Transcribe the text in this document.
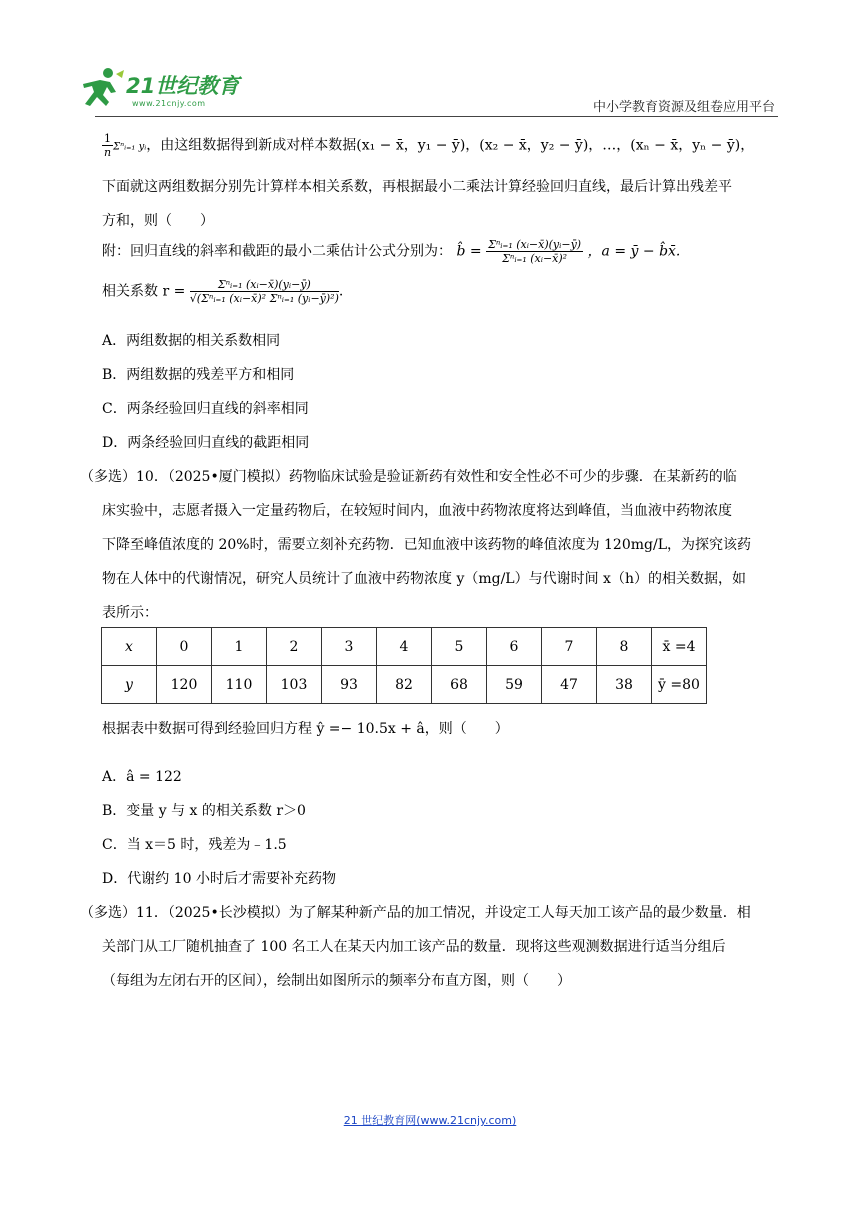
21世纪教育
www.21cnjy.com	中小学教育资源及组卷应用平台
$\frac{1}{n}$ Σⁿᵢ₌₁ yᵢ，由这组数据得到新成对样本数据(x₁ − x̄，y₁ − ȳ)，(x₂ − x̄，y₂ − ȳ)，…，(xₙ − x̄，yₙ − ȳ)，
下面就这两组数据分别先计算样本相关系数，再根据最小二乘法计算经验回归直线，最后计算出残差平
方和，则（　　）
附：回归直线的斜率和截距的最小二乘估计公式分别为： b̂ = $\frac{\text{Σⁿᵢ₌₁ (xᵢ−x̄)(yᵢ−ȳ)}}{\text{Σⁿᵢ₌₁ (xᵢ−x̄)²}}$ ，a = ȳ − b̂x̄.
相关系数 $r = \frac{\text{Σⁿᵢ₌₁ (xᵢ−x̄)(yᵢ−ȳ)}}{\text{√(Σⁿᵢ₌₁ (xᵢ−x̄)² Σⁿᵢ₌₁ (yᵢ−ȳ)²)}}$ .
A．两组数据的相关系数相同
B．两组数据的残差平方和相同
C．两条经验回归直线的斜率相同
D．两条经验回归直线的截距相同
（多选）10．（2025•厦门模拟）药物临床试验是验证新药有效性和安全性必不可少的步骤．在某新药的临
床实验中，志愿者摄入一定量药物后，在较短时间内，血液中药物浓度将达到峰值，当血液中药物浓度
下降至峰值浓度的 20%时，需要立刻补充药物．已知血液中该药物的峰值浓度为 120mg/L，为探究该药
物在人体中的代谢情况，研究人员统计了血液中药物浓度 y（mg/L）与代谢时间 x（h）的相关数据，如
表所示：
x	0	1	2	3	4	5	6	7	8	x̄ =4
y	120	110	103	93	82	68	59	47	38	ȳ =80
根据表中数据可得到经验回归方程 ŷ =− 10.5x + â，则（　　）
A．â = 122
B．变量 y 与 x 的相关系数 r＞0
C．当 x＝5 时，残差为﹣1.5
D．代谢约 10 小时后才需要补充药物
（多选）11．（2025•长沙模拟）为了解某种新产品的加工情况，并设定工人每天加工该产品的最少数量．相
关部门从工厂随机抽查了 100 名工人在某天内加工该产品的数量．现将这些观测数据进行适当分组后
（每组为左闭右开的区间），绘制出如图所示的频率分布直方图，则（　　）
21 世纪教育网(www.21cnjy.com)
